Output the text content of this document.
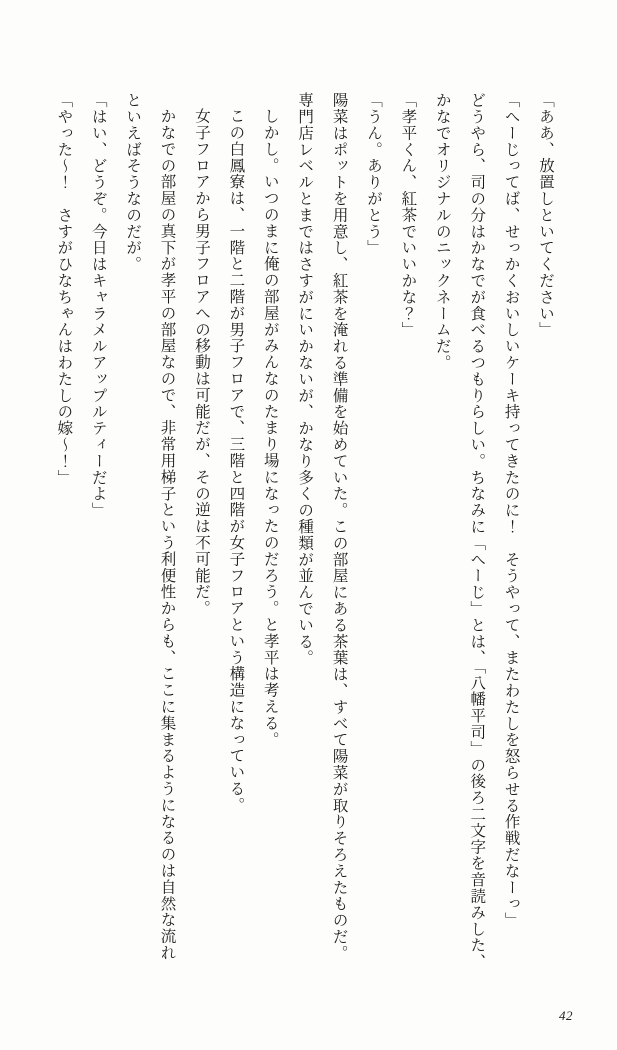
「ああ、放置しといてください」

「へーじってば、せっかくおいしいケーキ持ってきたのに！　そうやって、またわたしを怒らせる作戦だなーっ」

どうやら、司の分はかなでが食べるつもりらしい。ちなみに「へーじ」とは、「八幡平司」の後ろ二文字を音読みした、かなでオリジナルのニックネームだ。

「孝平くん、紅茶でいいかな？」

「うん。ありがとう」

陽菜はポットを用意し、紅茶を淹れる準備を始めていた。この部屋にある茶葉は、すべて陽菜が取りそろえたものだ。　専門店レベルとまではさすがにいかないが、かなり多くの種類が並んでいる。

しかし。いつのまに俺の部屋がみんなのたまり場になったのだろう。と孝平は考える。

この白鳳寮は、一階と二階が男子フロアで、三階と四階が女子フロアという構造になっている。

女子フロアから男子フロアへの移動は可能だが、その逆は不可能だ。

かなでの部屋の真下が孝平の部屋なので、非常用梯子という利便性からも、ここに集まるようになるのは自然な流れといえばそうなのだが。

「はい、どうぞ。今日はキャラメルアップルティーだよ」

「やった～！　さすがひなちゃんはわたしの嫁～！」

42
